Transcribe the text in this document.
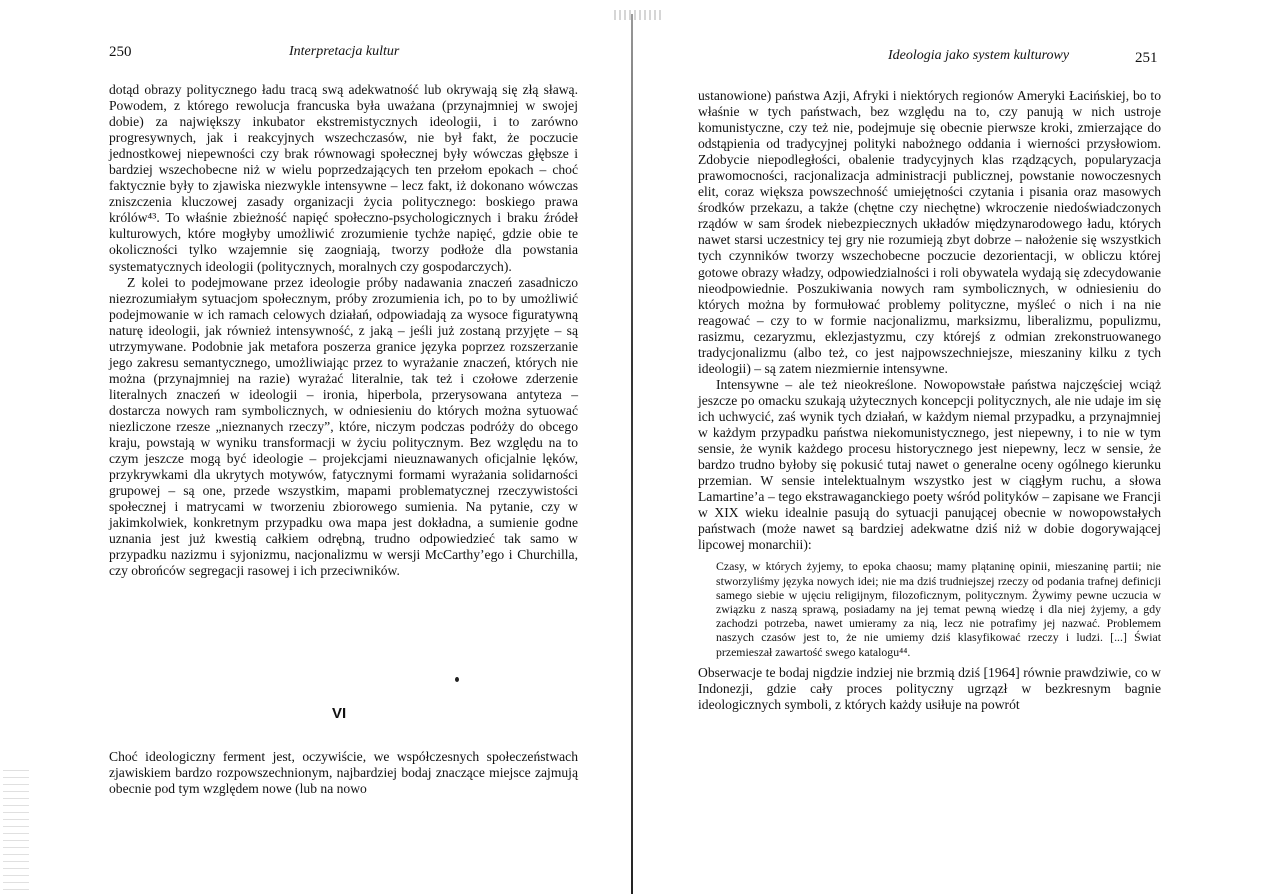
250	Interpretacja kultur

dotąd obrazy politycznego ładu tracą swą adekwatność lub okrywają się złą sławą. Powodem, z którego rewolucja francuska była uważana (przynajmniej w swojej dobie) za największy inkubator ekstremistycznych ideologii, i to zarówno progresywnych, jak i reakcyjnych wszechczasów, nie był fakt, że poczucie jednostkowej niepewności czy brak równowagi społecznej były wówczas głębsze i bardziej wszechobecne niż w wielu poprzedzających ten przełom epokach – choć faktycznie były to zjawiska niezwykle intensywne – lecz fakt, iż dokonano wówczas zniszczenia kluczowej zasady organizacji życia politycznego: boskiego prawa królów⁴³. To właśnie zbieżność napięć społeczno-psychologicznych i braku źródeł kulturowych, które mogłyby umożliwić zrozumienie tychże napięć, gdzie obie te okoliczności tylko wzajemnie się zaogniają, tworzy podłoże dla powstania systematycznych ideologii (politycznych, moralnych czy gospodarczych).

Z kolei to podejmowane przez ideologie próby nadawania znaczeń zasadniczo niezrozumiałym sytuacjom społecznym, próby zrozumienia ich, po to by umożliwić podejmowanie w ich ramach celowych działań, odpowiadają za wysoce figuratywną naturę ideologii, jak również intensywność, z jaką – jeśli już zostaną przyjęte – są utrzymywane. Podobnie jak metafora poszerza granice języka poprzez rozszerzanie jego zakresu semantycznego, umożliwiając przez to wyrażanie znaczeń, których nie można (przynajmniej na razie) wyrażać literalnie, tak też i czołowe zderzenie literalnych znaczeń w ideologii – ironia, hiperbola, przerysowana antyteza – dostarcza nowych ram symbolicznych, w odniesieniu do których można sytuować niezliczone rzesze „nieznanych rzeczy”, które, niczym podczas podróży do obcego kraju, powstają w wyniku transformacji w życiu politycznym. Bez względu na to czym jeszcze mogą być ideologie – projekcjami nieuznawanych oficjalnie lęków, przykrywkami dla ukrytych motywów, fatycznymi formami wyrażania solidarności grupowej – są one, przede wszystkim, mapami problematycznej rzeczywistości społecznej i matrycami w tworzeniu zbiorowego sumienia. Na pytanie, czy w jakimkolwiek, konkretnym przypadku owa mapa jest dokładna, a sumienie godne uznania jest już kwestią całkiem odrębną, trudno odpowiedzieć tak samo w przypadku nazizmu i syjonizmu, nacjonalizmu w wersji McCarthy’ego i Churchilla, czy obrońców segregacji rasowej i ich przeciwników.

VI

Choć ideologiczny ferment jest, oczywiście, we współczesnych społeczeństwach zjawiskiem bardzo rozpowszechnionym, najbardziej bodaj znaczące miejsce zajmują obecnie pod tym względem nowe (lub na nowo

Ideologia jako system kulturowy	251

ustanowione) państwa Azji, Afryki i niektórych regionów Ameryki Łacińskiej, bo to właśnie w tych państwach, bez względu na to, czy panują w nich ustroje komunistyczne, czy też nie, podejmuje się obecnie pierwsze kroki, zmierzające do odstąpienia od tradycyjnej polityki nabożnego oddania i wierności przysłowiom. Zdobycie niepodległości, obalenie tradycyjnych klas rządzących, popularyzacja prawomocności, racjonalizacja administracji publicznej, powstanie nowoczesnych elit, coraz większa powszechność umiejętności czytania i pisania oraz masowych środków przekazu, a także (chętne czy niechętne) wkroczenie niedoświadczonych rządów w sam środek niebezpiecznych układów międzynarodowego ładu, których nawet starsi uczestnicy tej gry nie rozumieją zbyt dobrze – nałożenie się wszystkich tych czynników tworzy wszechobecne poczucie dezorientacji, w obliczu której gotowe obrazy władzy, odpowiedzialności i roli obywatela wydają się zdecydowanie nieodpowiednie. Poszukiwania nowych ram symbolicznych, w odniesieniu do których można by formułować problemy polityczne, myśleć o nich i na nie reagować – czy to w formie nacjonalizmu, marksizmu, liberalizmu, populizmu, rasizmu, cezaryzmu, eklezjastyzmu, czy którejś z odmian zrekonstruowanego tradycjonalizmu (albo też, co jest najpowszechniejsze, mieszaniny kilku z tych ideologii) – są zatem niezmiernie intensywne.

Intensywne – ale też nieokreślone. Nowopowstałe państwa najczęściej wciąż jeszcze po omacku szukają użytecznych koncepcji politycznych, ale nie udaje im się ich uchwycić, zaś wynik tych działań, w każdym niemal przypadku, a przynajmniej w każdym przypadku państwa niekomunistycznego, jest niepewny, i to nie w tym sensie, że wynik każdego procesu historycznego jest niepewny, lecz w sensie, że bardzo trudno byłoby się pokusić tutaj nawet o generalne oceny ogólnego kierunku przemian. W sensie intelektualnym wszystko jest w ciągłym ruchu, a słowa Lamartine’a – tego ekstrawaganckiego poety wśród polityków – zapisane we Francji w XIX wieku idealnie pasują do sytuacji panującej obecnie w nowopowstałych państwach (może nawet są bardziej adekwatne dziś niż w dobie dogorywającej lipcowej monarchii):

Czasy, w których żyjemy, to epoka chaosu; mamy plątaninę opinii, mieszaninę partii; nie stworzyliśmy języka nowych idei; nie ma dziś trudniejszej rzeczy od podania trafnej definicji samego siebie w ujęciu religijnym, filozoficznym, politycznym. Żywimy pewne uczucia w związku z naszą sprawą, posiadamy na jej temat pewną wiedzę i dla niej żyjemy, a gdy zachodzi potrzeba, nawet umieramy za nią, lecz nie potrafimy jej nazwać. Problemem naszych czasów jest to, że nie umiemy dziś klasyfikować rzeczy i ludzi. [...] Świat przemieszał zawartość swego katalogu⁴⁴.

Obserwacje te bodaj nigdzie indziej nie brzmią dziś [1964] równie prawdziwie, co w Indonezji, gdzie cały proces polityczny ugrzązł w bezkresnym bagnie ideologicznych symboli, z których każdy usiłuje na powrót
